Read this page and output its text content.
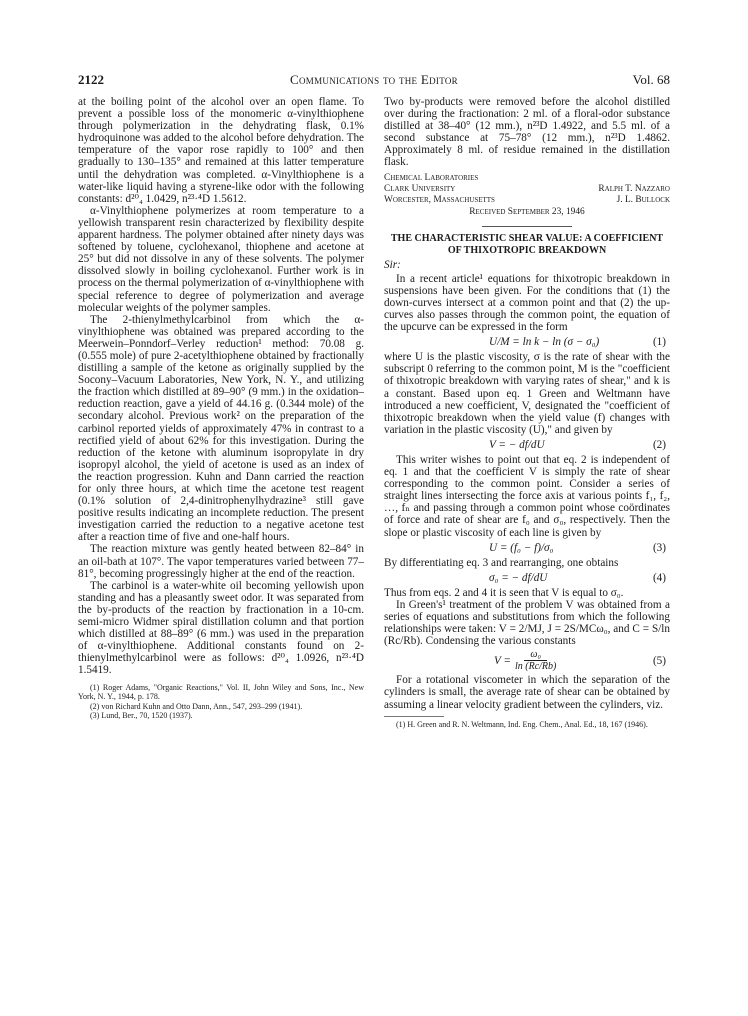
2122	Communications to the Editor	Vol. 68

at the boiling point of the alcohol over an open flame. To prevent a possible loss of the monomeric α-vinylthiophene through polymerization in the dehydrating flask, 0.1% hydroquinone was added to the alcohol before dehydration. The temperature of the vapor rose rapidly to 100° and then gradually to 130–135° and remained at this latter temperature until the dehydration was completed. α-Vinylthiophene is a water-like liquid having a styrene-like odor with the following constants: d²⁰₄ 1.0429, n²³·⁴D 1.5612.

α-Vinylthiophene polymerizes at room temperature to a yellowish transparent resin characterized by flexibility despite apparent hardness. The polymer obtained after ninety days was softened by toluene, cyclohexanol, thiophene and acetone at 25° but did not dissolve in any of these solvents. The polymer dissolved slowly in boiling cyclohexanol. Further work is in process on the thermal polymerization of α-vinylthiophene with special reference to degree of polymerization and average molecular weights of the polymer samples.

The 2-thienylmethylcarbinol from which the α-vinylthiophene was obtained was prepared according to the Meerwein–Ponndorf–Verley reduction¹ method: 70.08 g. (0.555 mole) of pure 2-acetylthiophene obtained by fractionally distilling a sample of the ketone as originally supplied by the Socony–Vacuum Laboratories, New York, N. Y., and utilizing the fraction which distilled at 89–90° (9 mm.) in the oxidation–reduction reaction, gave a yield of 44.16 g. (0.344 mole) of the secondary alcohol. Previous work² on the preparation of the carbinol reported yields of approximately 47% in contrast to a rectified yield of about 62% for this investigation. During the reduction of the ketone with aluminum isopropylate in dry isopropyl alcohol, the yield of acetone is used as an index of the reaction progression. Kuhn and Dann carried the reaction for only three hours, at which time the acetone test reagent (0.1% solution of 2,4-dinitrophenylhydrazine³ still gave positive results indicating an incomplete reduction. The present investigation carried the reduction to a negative acetone test after a reaction time of five and one-half hours.

The reaction mixture was gently heated between 82–84° in an oil-bath at 107°. The vapor temperatures varied between 77–81°, becoming progressingly higher at the end of the reaction.

The carbinol is a water-white oil becoming yellowish upon standing and has a pleasantly sweet odor. It was separated from the by-products of the reaction by fractionation in a 10-cm. semi-micro Widmer spiral distillation column and that portion which distilled at 88–89° (6 mm.) was used in the preparation of α-vinylthiophene. Additional constants found on 2-thienylmethylcarbinol were as follows: d²⁰₄ 1.0926, n²³·⁴D 1.5419.

(1) Roger Adams, "Organic Reactions," Vol. II, John Wiley and Sons, Inc., New York, N. Y., 1944, p. 178.

(2) von Richard Kuhn and Otto Dann, Ann., 547, 293–299 (1941).

(3) Lund, Ber., 70, 1520 (1937).

Two by-products were removed before the alcohol distilled over during the fractionation: 2 ml. of a floral-odor substance distilled at 38–40° (12 mm.), n²³D 1.4922, and 5.5 ml. of a second substance at 75–78° (12 mm.), n²³D 1.4862. Approximately 8 ml. of residue remained in the distillation flask.

Chemical Laboratories
Clark University	Ralph T. Nazzaro
Worcester, Massachusetts	J. L. Bullock
Received September 23, 1946
THE CHARACTERISTIC SHEAR VALUE: A COEFFICIENT OF THIXOTROPIC BREAKDOWN

Sir:

In a recent article¹ equations for thixotropic breakdown in suspensions have been given. For the conditions that (1) the down-curves intersect at a common point and that (2) the up-curves also passes through the common point, the equation of the upcurve can be expressed in the form

U/M = ln k − ln (σ − σ₀)	(1)

where U is the plastic viscosity, σ is the rate of shear with the subscript 0 referring to the common point, M is the "coefficient of thixotropic breakdown with varying rates of shear," and k is a constant. Based upon eq. 1 Green and Weltmann have introduced a new coefficient, V, designated the "coefficient of thixotropic breakdown when the yield value (f) changes with variation in the plastic viscosity (U)," and given by

V = − df/dU	(2)

This writer wishes to point out that eq. 2 is independent of eq. 1 and that the coefficient V is simply the rate of shear corresponding to the common point. Consider a series of straight lines intersecting the force axis at various points f₁, f₂, …, fₙ and passing through a common point whose coördinates of force and rate of shear are f₀ and σ₀, respectively. Then the slope or plastic viscosity of each line is given by

U = (f₀ − f)/σ₀	(3)

By differentiating eq. 3 and rearranging, one obtains

σ₀ = − df/dU	(4)

Thus from eqs. 2 and 4 it is seen that V is equal to σ₀.

In Green's¹ treatment of the problem V was obtained from a series of equations and substitutions from which the following relationships were taken: V = 2/MJ, J = 2S/MCω₀, and C = S/ln (Rc/Rb). Condensing the various constants

$V = \frac{\text{ω₀}}{\ln (Rc/Rb)}$	(5)

For a rotational viscometer in which the separation of the cylinders is small, the average rate of shear can be obtained by assuming a linear velocity gradient between the cylinders, viz.

(1) H. Green and R. N. Weltmann, Ind. Eng. Chem., Anal. Ed., 18, 167 (1946).
